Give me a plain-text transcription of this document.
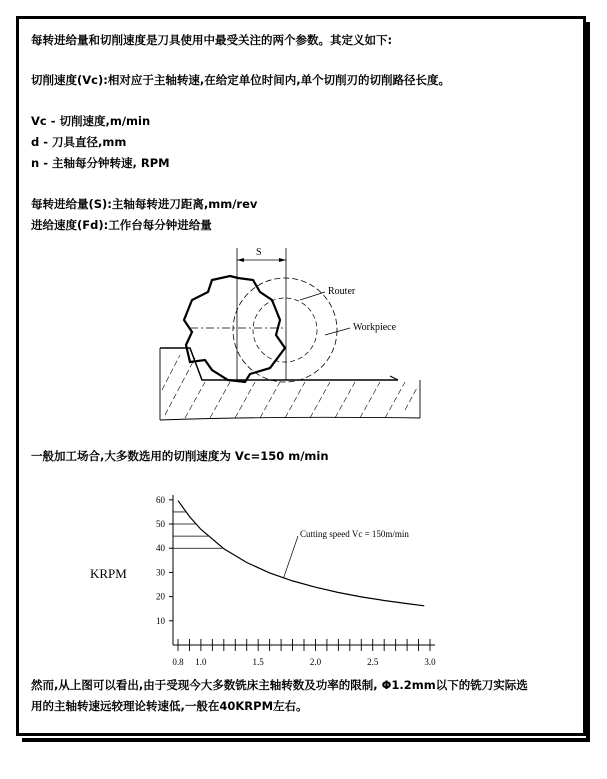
每转进给量和切削速度是刀具使用中最受关注的两个参数。其定义如下:
切削速度(Vc):相对应于主轴转速,在给定单位时间内,单个切削刃的切削路径长度。
Vc - 切削速度,m/min
d - 刀具直径,mm
n - 主轴每分钟转速, RPM
每转进给量(S):主轴每转进刀距离,mm/rev
进给速度(Fd):工作台每分钟进给量
S
Router
Workpiece
一般加工场合,大多数选用的切削速度为 Vc=150 m/min
KRPM
Cutting speed Vc = 150m/min
10
20
30
40
50
60
0.8 1.0	1.5	2.0	2.5	3.0
然而,从上图可以看出,由于受现今大多数铣床主轴转数及功率的限制, Φ1.2mm以下的铣刀实际选
用的主轴转速远较理论转速低,一般在40KRPM左右。
